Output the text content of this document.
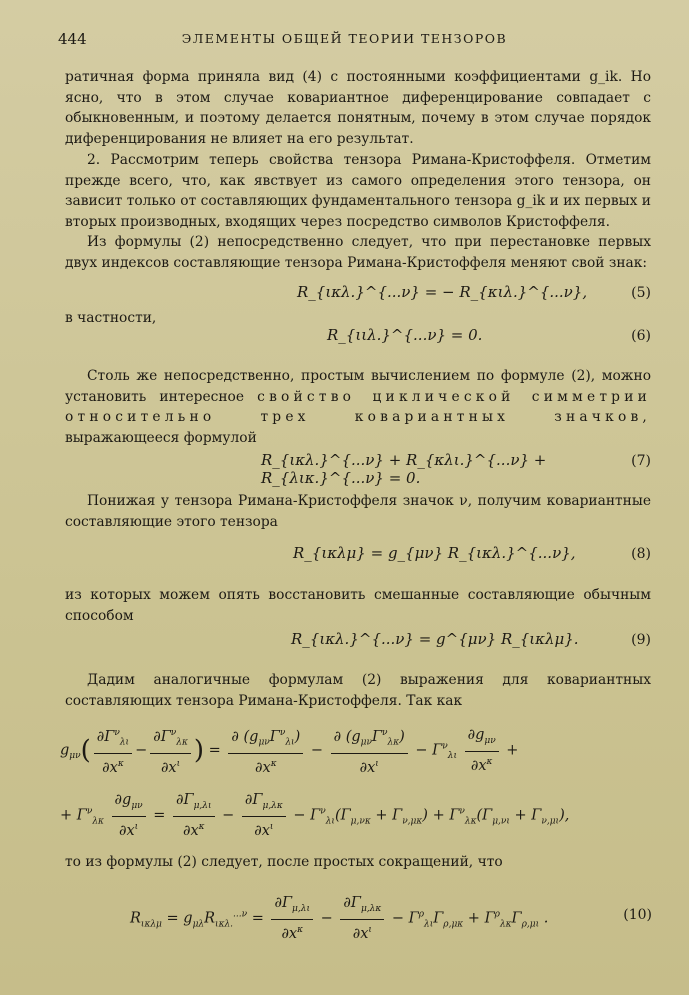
444	ЭЛЕМЕНТЫ ОБЩЕЙ ТЕОРИИ ТЕНЗОРОВ

ратичная форма приняла вид (4) с постоянными коэффициентами g_ik. Но ясно, что в этом случае ковариантное диференцирование совпадает с обыкновенным, и поэтому делается понятным, почему в этом случае порядок диференцирования не влияет на его результат.

2. Рассмотрим теперь свойства тензора Римана-Кристоффеля. Отметим прежде всего, что, как явствует из самого определения этого тензора, он зависит только от составляющих фундаментального тензора g_ik и их первых и вторых производных, входящих через посредство символов Кристоффеля.

Из формулы (2) непосредственно следует, что при перестановке первых двух индексов составляющие тензора Римана-Кристоффеля меняют свой знак:

R_{ικλ.}^{...ν} = − R_{κιλ.}^{...ν},	(5)

в частности,

R_{ιιλ.}^{...ν} = 0.	(6)

Столь же непосредственно, простым вычислением по формуле (2), можно установить интересное свойство циклической симметрии относительно трех ковариантных значков, выражающееся формулой

R_{ικλ.}^{...ν} + R_{κλι.}^{...ν} + R_{λικ.}^{...ν} = 0.
(7)

Понижая у тензора Римана-Кристоффеля значок ν, получим ковариантные составляющие этого тензора

R_{ικλμ} = g_{μν} R_{ικλ.}^{...ν},	(8)

из которых можем опять восстановить смешанные составляющие обычным способом

R_{ικλ.}^{...ν} = g^{μν} R_{ικλμ}.	(9)

Дадим аналогичные формулам (2) выражения для ковариантных составляющих тензора Римана-Кристоффеля. Так как

$g_{\mu\nu}( \frac{\partial\Gamma^\nu_{\lambda\iota}}{\partial x^\kappa} - \frac{\partial\Gamma^\nu_{\lambda\kappa}}{\partial x^\iota}$ ) = $\frac{\partial (g_{\mu\nu}\Gamma^\nu_{\lambda\iota})}{\partial x^\kappa} - \frac{\partial (g_{\mu\nu}\Gamma^\nu_{\lambda\kappa})}{\partial x^\iota} - \Gamma^\nu_{\lambda\iota} \frac{\partial g_{\mu\nu}}{\partial x^\kappa}$ +
+ $\Gamma^\nu_{\lambda\kappa} \frac{\partial g_{\mu\nu}}{\partial x^\iota} = \frac{\partial\Gamma_{\mu,\lambda\iota}}{\partial x^\kappa} - \frac{\partial\Gamma_{\mu,\lambda\kappa}}{\partial x^\iota} - \Gamma^\nu_{\lambda\iota}(\Gamma_{\mu,\nu\kappa} + \Gamma_{\nu,\mu\kappa}) + \Gamma^\nu_{\lambda\kappa}(\Gamma_{\mu,\nu\iota} + \Gamma_{\nu,\mu\iota})$,

то из формулы (2) следует, после простых сокращений, что

$R_{\iota\kappa\lambda\mu} = g_{\mu\lambda}R_{\iota\kappa\lambda.}^{...\nu} = \frac{\partial\Gamma_{\mu,\lambda\iota}}{\partial x^\kappa} - \frac{\partial\Gamma_{\mu,\lambda\kappa}}{\partial x^\iota} - \Gamma^\rho_{\lambda\iota}\Gamma_{\rho,\mu\kappa} + \Gamma^\rho_{\lambda\kappa}\Gamma_{\rho,\mu\iota}$ .	(10)
